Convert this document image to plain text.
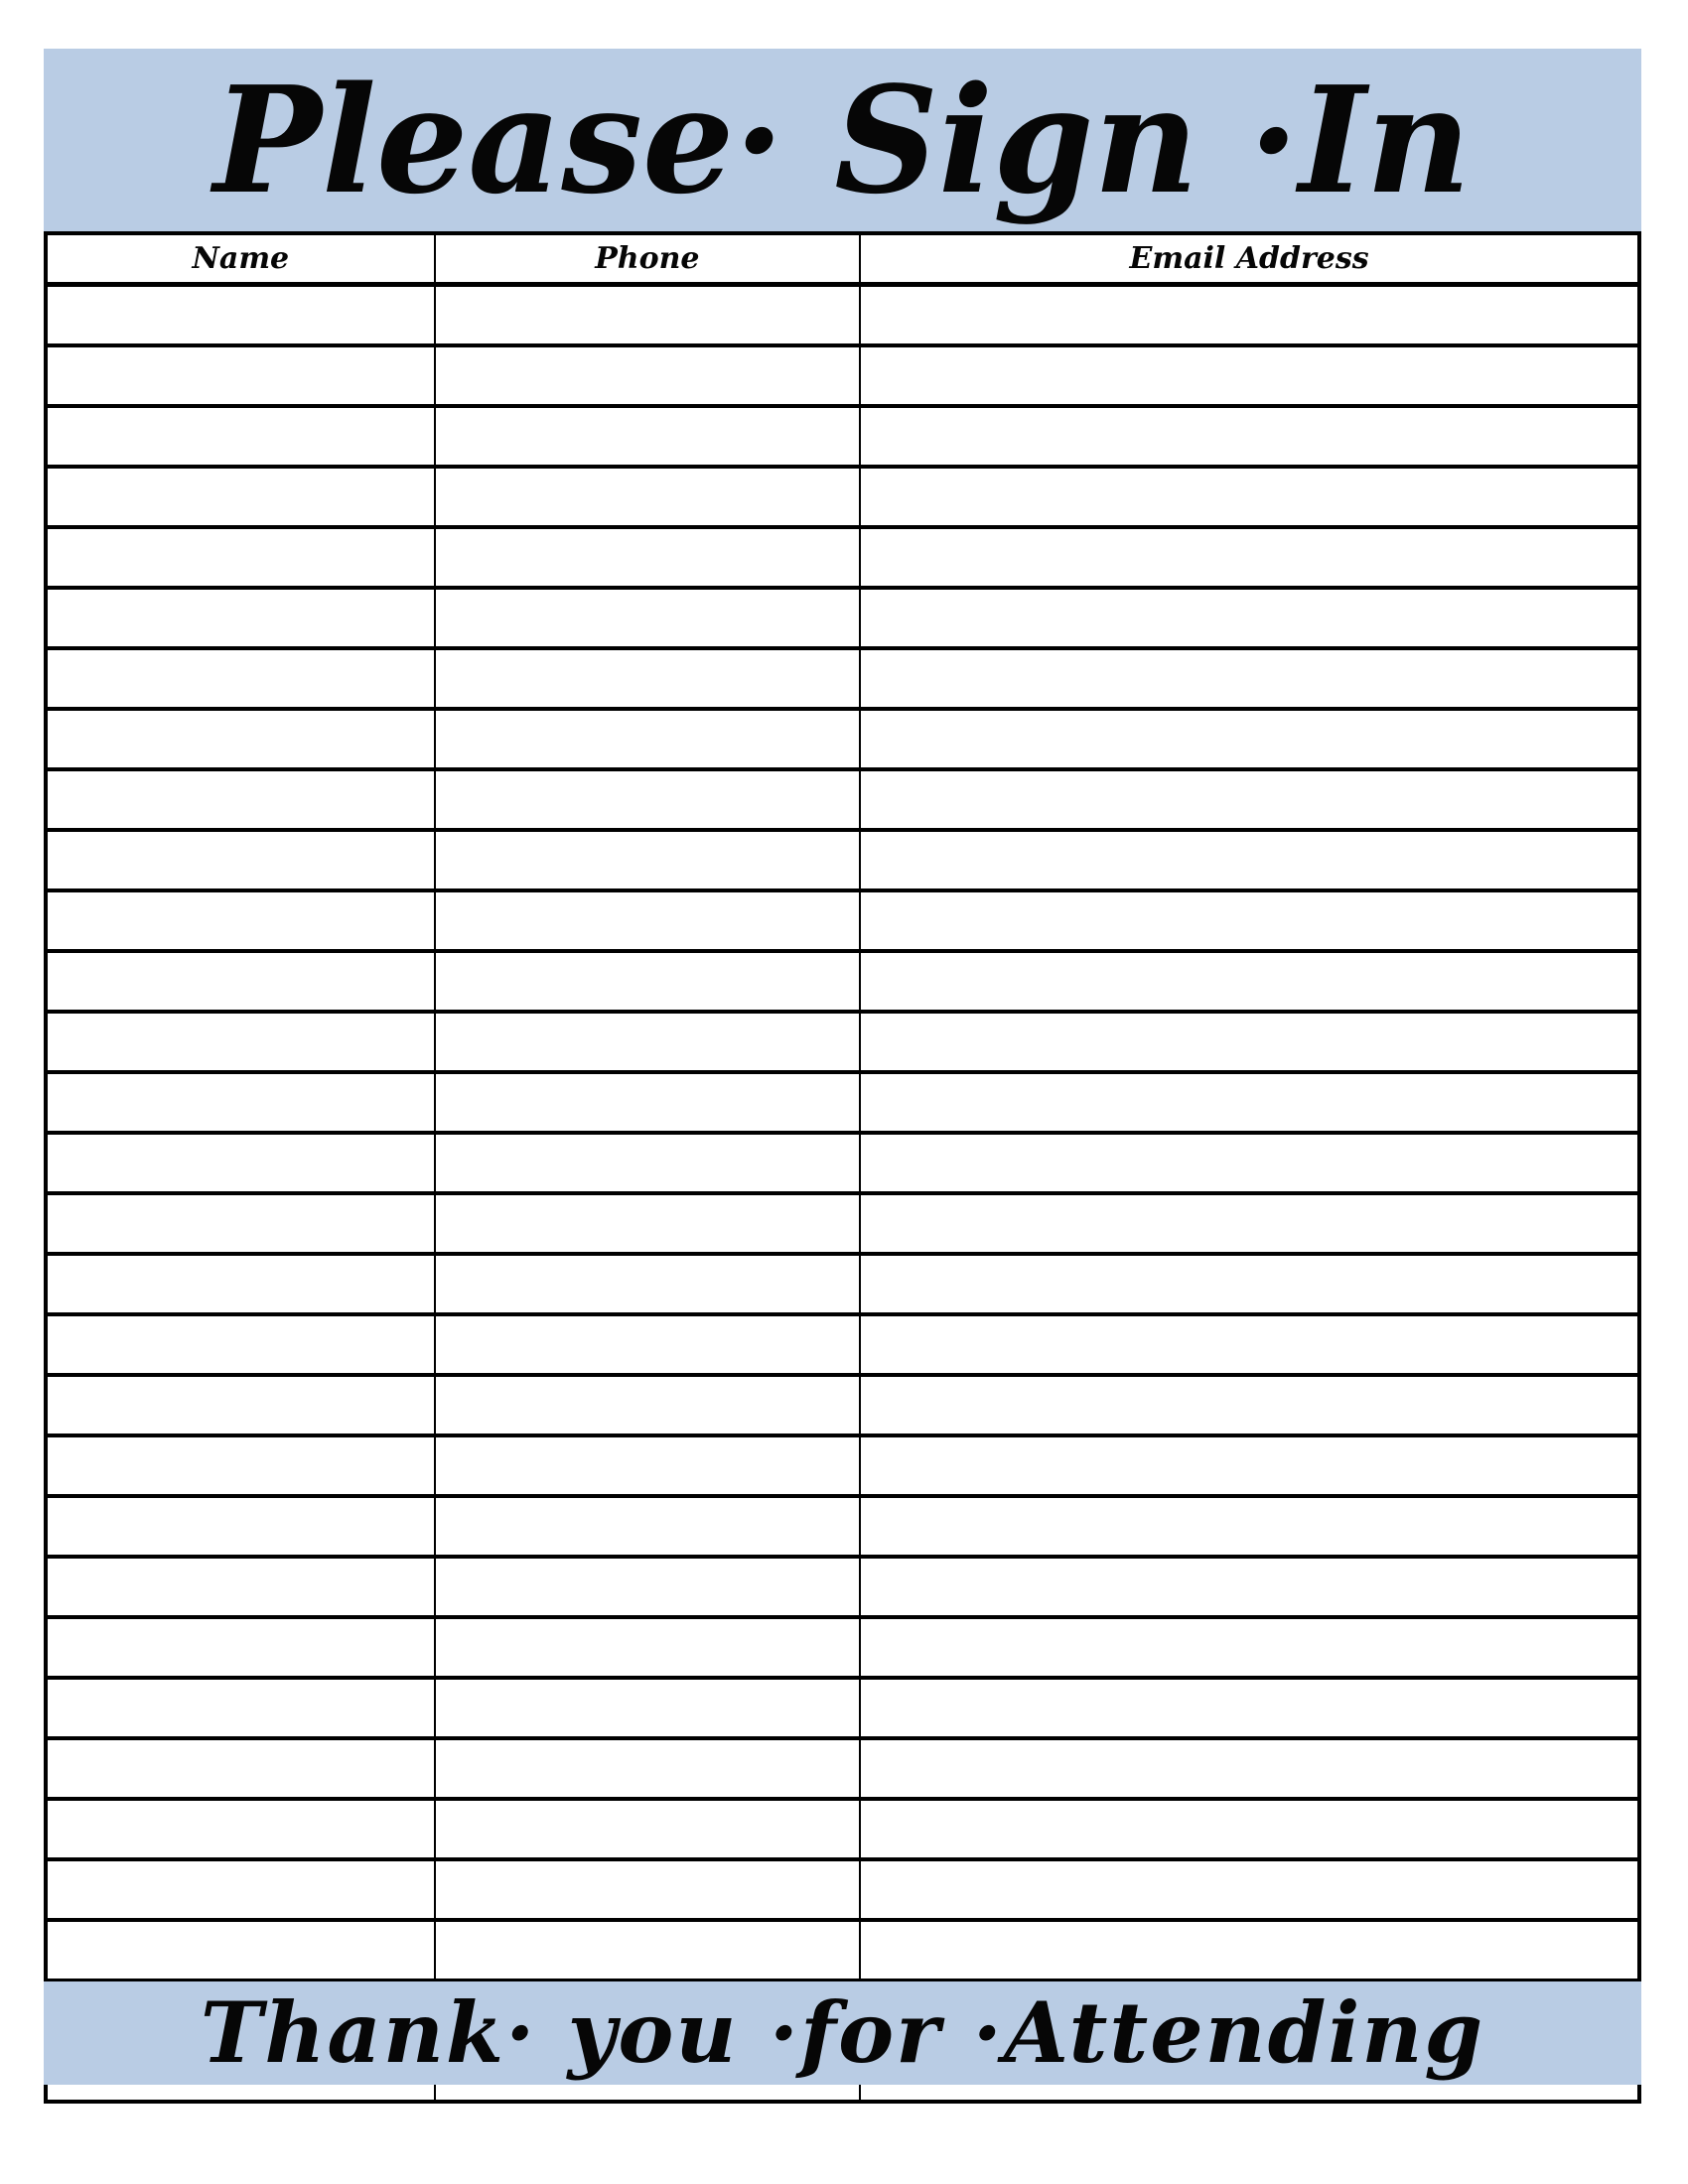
Please· Sign ·In
Name	Phone	Email Address

Thank· you ·for ·Attending
